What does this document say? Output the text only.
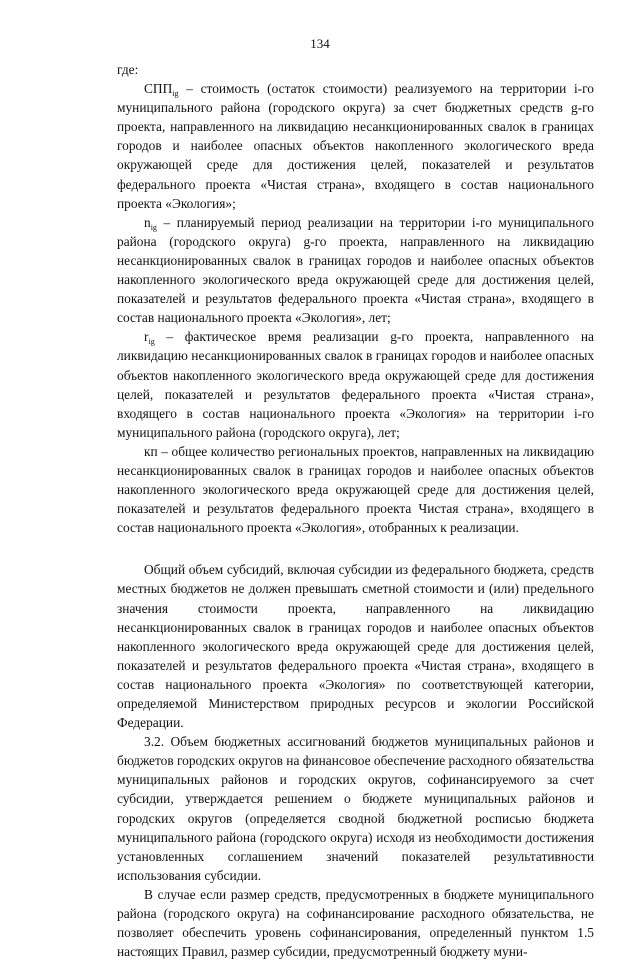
134

где:

$СПП_{ig}$ – стоимость (остаток стоимости) реализуемого на территории i-го муниципального района (городского округа) за счет бюджетных средств g-го проекта, направленного на ликвидацию несанкционированных свалок в границах городов и наиболее опасных объектов накопленного экологического вреда окружающей среде для достижения целей, показателей и результатов федерального проекта «Чистая страна», входящего в состав национального проекта «Экология»;

$n_{ig}$ – планируемый период реализации на территории i-го муниципального района (городского округа) g-го проекта, направленного на ликвидацию несанкционированных свалок в границах городов и наиболее опасных объектов накопленного экологического вреда окружающей среде для достижения целей, показателей и результатов федерального проекта «Чистая страна», входящего в состав национального проекта «Экология», лет;

$r_{ig}$ – фактическое время реализации g-го проекта, направленного на ликвидацию несанкционированных свалок в границах городов и наиболее опасных объектов накопленного экологического вреда окружающей среде для достижения целей, показателей и результатов федерального проекта «Чистая страна», входящего в состав национального проекта «Экология» на территории i-го муниципального района (городского округа), лет;

кп – общее количество региональных проектов, направленных на ликвидацию несанкционированных свалок в границах городов и наиболее опасных объектов накопленного экологического вреда окружающей среде для достижения целей, показателей и результатов федерального проекта Чистая страна», входящего в состав национального проекта «Экология», отобранных к реализации.

Общий объем субсидий, включая субсидии из федерального бюджета, средств местных бюджетов не должен превышать сметной стоимости и (или) предельного значения стоимости проекта, направленного на ликвидацию несанкционированных свалок в границах городов и наиболее опасных объектов накопленного экологического вреда окружающей среде для достижения целей, показателей и результатов федерального проекта «Чистая страна», входящего в состав национального проекта «Экология» по соответствующей категории, определяемой Министерством природных ресурсов и экологии Российской Федерации.

3.2. Объем бюджетных ассигнований бюджетов муниципальных районов и бюджетов городских округов на финансовое обеспечение расходного обязательства муниципальных районов и городских округов, софинансируемого за счет субсидии, утверждается решением о бюджете муниципальных районов и городских округов (определяется сводной бюджетной росписью бюджета муниципального района (городского округа) исходя из необходимости достижения установленных соглашением значений показателей результативности использования субсидии.

В случае если размер средств, предусмотренных в бюджете муниципального района (городского округа) на софинансирование расходного обязательства, не позволяет обеспечить уровень софинансирования, определенный пунктом 1.5 настоящих Правил, размер субсидии, предусмотренный бюджету муни-
